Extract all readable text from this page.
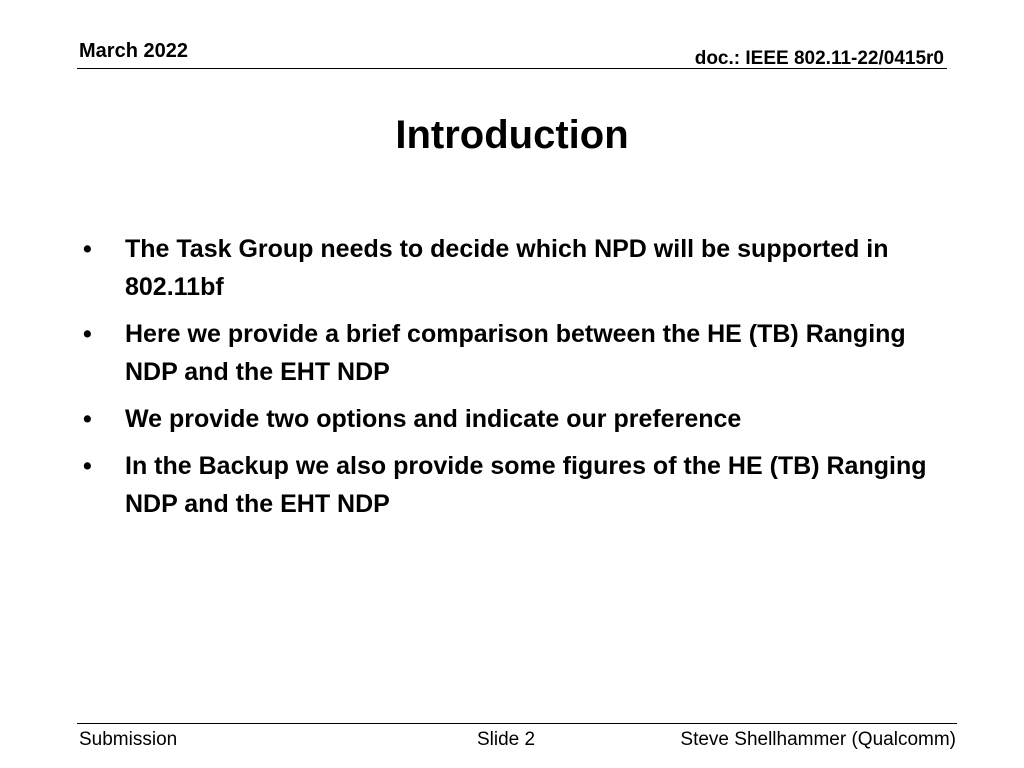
March 2022	doc.: IEEE 802.11-22/0415r0
Introduction
• The Task Group needs to decide which NPD will be supported in 802.11bf
• Here we provide a brief comparison between the HE (TB) Ranging NDP and the EHT NDP
• We provide two options and indicate our preference
• In the Backup we also provide some figures of the HE (TB) Ranging NDP and the EHT NDP
Submission	Slide 2	Steve Shellhammer (Qualcomm)
